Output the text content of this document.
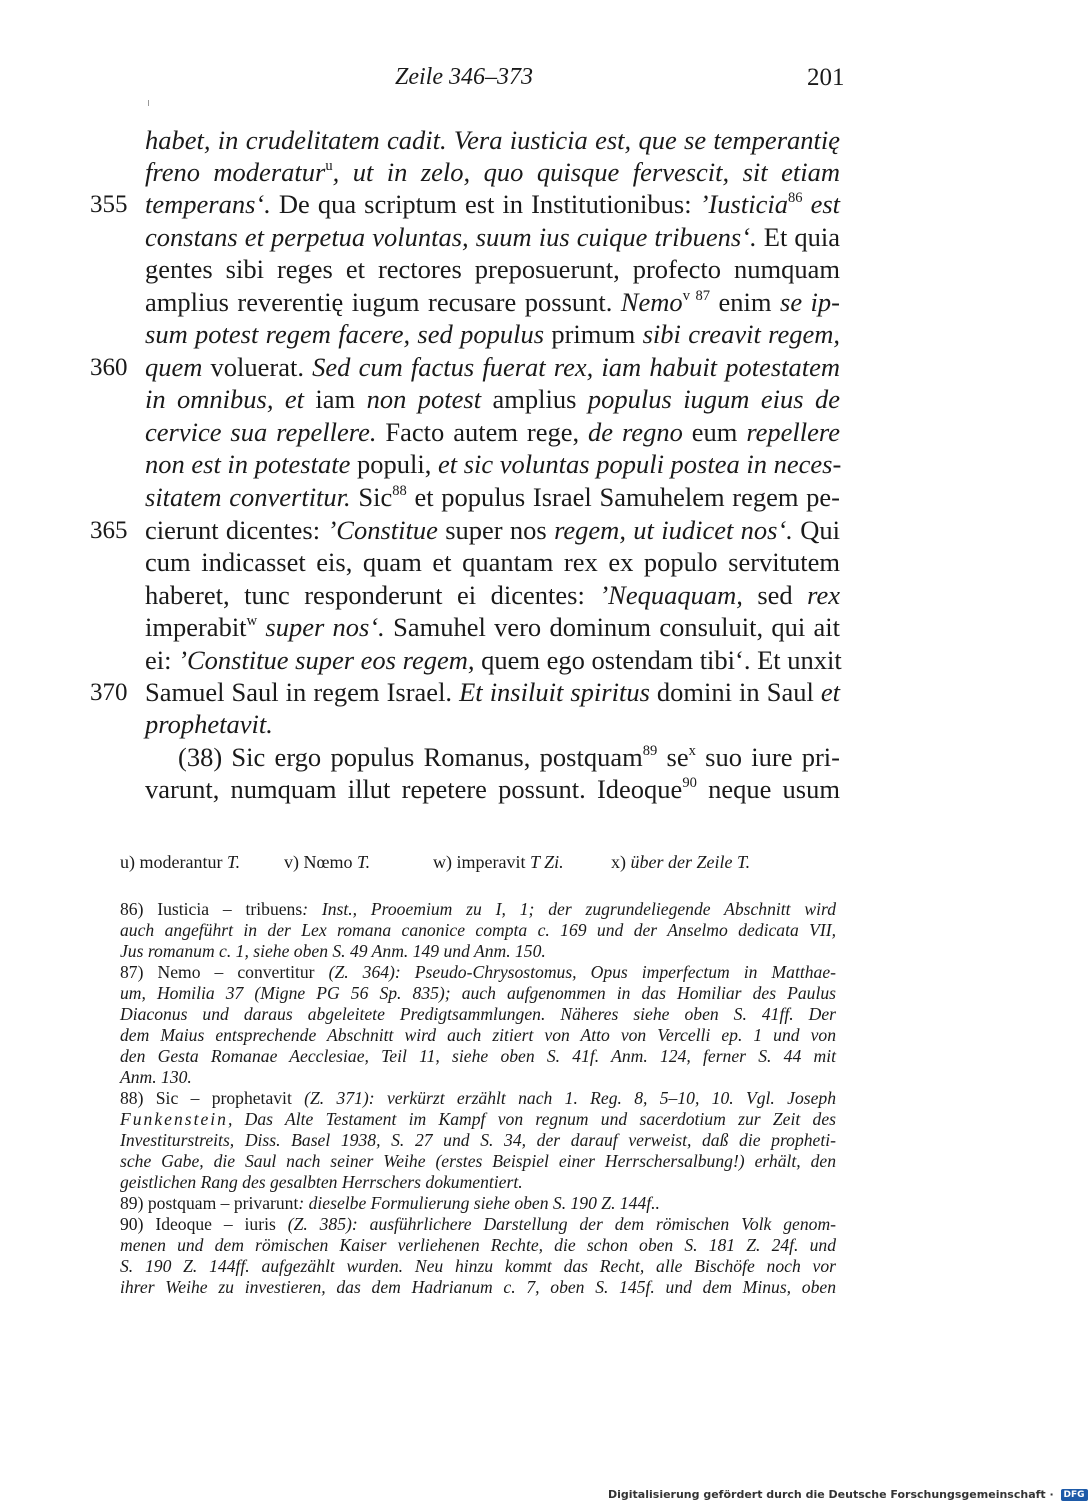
Zeile 346–373	201
355
360
365
370
habet, in crudelitatem cadit. Vera iusticia est, que se temperantię
freno moderatur$^u$, ut in zelo, quo quisque fervescit, sit etiam
temperans‘. De qua scriptum est in Institutionibus: ’Iusticia$^{86}$ est
constans et perpetua voluntas, suum ius cuique tribuens‘. Et quia
gentes sibi reges et rectores preposuerunt, profecto numquam
amplius reverentię iugum recusare possunt. Nemo$^{v 87}$ enim se ip-
sum potest regem facere, sed populus primum sibi creavit regem,
quem voluerat. Sed cum factus fuerat rex, iam habuit potestatem
in omnibus, et iam non potest amplius populus iugum eius de
cervice sua repellere. Facto autem rege, de regno eum repellere
non est in potestate populi, et sic voluntas populi postea in neces-
sitatem convertitur. Sic$^{88}$ et populus Israel Samuhelem regem pe-
cierunt dicentes: ’Constitue super nos regem, ut iudicet nos‘. Qui
cum indicasset eis, quam et quantam rex ex populo servitutem
haberet, tunc responderunt ei dicentes: ’Nequaquam, sed rex
imperabit$^w$ super nos‘. Samuhel vero dominum consuluit, qui ait
ei: ’Constitue super eos regem, quem ego ostendam tibi‘. Et unxit
Samuel Saul in regem Israel. Et insiluit spiritus domini in Saul et
prophetavit.
(38) Sic ergo populus Romanus, postquam$^{89}$ $se^x$ suo iure pri-
varunt, numquam illut repetere possunt. Ideoque$^{90}$ neque usum
u) moderantur T. v) Nœmo T.	w) imperavit T Zi.	x) über der Zeile T.
86) Iusticia – tribuens: Inst., Prooemium zu I, 1; der zugrundeliegende Abschnitt wird
auch angeführt in der Lex romana canonice compta c. 169 und der Anselmo dedicata VII,
Jus romanum c. 1, siehe oben S. 49 Anm. 149 und Anm. 150.
87) Nemo – convertitur (Z. 364): Pseudo-Chrysostomus, Opus imperfectum in Matthae-
um, Homilia 37 (Migne PG 56 Sp. 835); auch aufgenommen in das Homiliar des Paulus
Diaconus und daraus abgeleitete Predigtsammlungen. Näheres siehe oben S. 41ff. Der
dem Maius entsprechende Abschnitt wird auch zitiert von Atto von Vercelli ep. 1 und von
den Gesta Romanae Aecclesiae, Teil 11, siehe oben S. 41f. Anm. 124, ferner S. 44 mit
Anm. 130.
88) Sic – prophetavit (Z. 371): verkürzt erzählt nach 1. Reg. 8, 5–10, 10. Vgl. Joseph
Funkenstein, Das Alte Testament im Kampf von regnum und sacerdotium zur Zeit des
Investiturstreits, Diss. Basel 1938, S. 27 und S. 34, der darauf verweist, daß die propheti-
sche Gabe, die Saul nach seiner Weihe (erstes Beispiel einer Herrschersalbung!) erhält, den
geistlichen Rang des gesalbten Herrschers dokumentiert.
89) postquam – privarunt: dieselbe Formulierung siehe oben S. 190 Z. 144f..
90) Ideoque – iuris (Z. 385): ausführlichere Darstellung der dem römischen Volk genom-
menen und dem römischen Kaiser verliehenen Rechte, die schon oben S. 181 Z. 24f. und
S. 190 Z. 144ff. aufgezählt wurden. Neu hinzu kommt das Recht, alle Bischöfe noch vor
ihrer Weihe zu investieren, das dem Hadrianum c. 7, oben S. 145f. und dem Minus, oben
Digitalisierung gefördert durch die Deutsche Forschungsgemeinschaft · DFG
